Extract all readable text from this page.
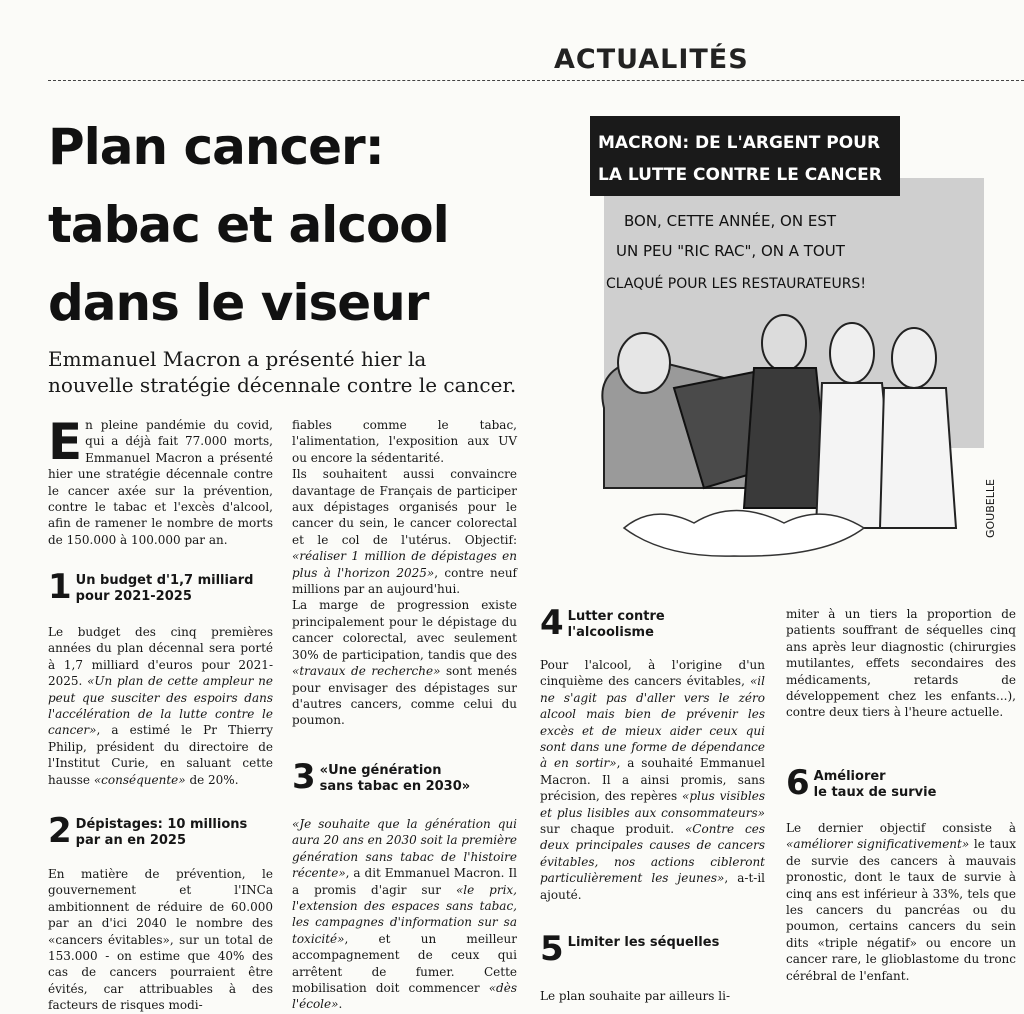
ACTUALITÉS
Plan cancer:
tabac et alcool
dans le viseur

Emmanuel Macron a présenté hier la
nouvelle stratégie décennale contre le cancer.

MACRON: DE L'ARGENT POUR
LA LUTTE CONTRE LE CANCER
BON, CETTE ANNÉE, ON EST
UN PEU "RIC RAC", ON A TOUT
CLAQUÉ POUR LES RESTAURATEURS!
GOUBELLE

En pleine pandémie du covid, qui a déjà fait 77.000 morts, Emmanuel Macron a présenté hier une stratégie décennale contre le cancer axée sur la prévention, contre le tabac et l'excès d'alcool, afin de ramener le nombre de morts de 150.000 à 100.000 par an.

1 Un budget d'1,7 milliard
pour 2021-2025

Le budget des cinq premières années du plan décennal sera porté à 1,7 milliard d'euros pour 2021-2025. «Un plan de cette ampleur ne peut que susciter des espoirs dans l'accélération de la lutte contre le cancer», a estimé le Pr Thierry Philip, président du directoire de l'Institut Curie, en saluant cette hausse «conséquente» de 20%.

2 Dépistages: 10 millions
par an en 2025

En matière de prévention, le gouvernement et l'INCa ambitionnent de réduire de 60.000 par an d'ici 2040 le nombre des «cancers évitables», sur un total de 153.000 - on estime que 40% des cas de cancers pourraient être évités, car attribuables à des facteurs de risques modi-

fiables comme le tabac, l'alimentation, l'exposition aux UV ou encore la sédentarité.

Ils souhaitent aussi convaincre davantage de Français de participer aux dépistages organisés pour le cancer du sein, le cancer colorectal et le col de l'utérus. Objectif: «réaliser 1 million de dépistages en plus à l'horizon 2025», contre neuf millions par an aujourd'hui.

La marge de progression existe principalement pour le dépistage du cancer colorectal, avec seulement 30% de participation, tandis que des «travaux de recherche» sont menés pour envisager des dépistages sur d'autres cancers, comme celui du poumon.

3 «Une génération
sans tabac en 2030»

«Je souhaite que la génération qui aura 20 ans en 2030 soit la première génération sans tabac de l'histoire récente», a dit Emmanuel Macron. Il a promis d'agir sur «le prix, l'extension des espaces sans tabac, les campagnes d'information sur sa toxicité», et un meilleur accompagnement de ceux qui arrêtent de fumer. Cette mobilisation doit commencer «dès l'école».

4 Lutter contre
l'alcoolisme

Pour l'alcool, à l'origine d'un cinquième des cancers évitables, «il ne s'agit pas d'aller vers le zéro alcool mais bien de prévenir les excès et de mieux aider ceux qui sont dans une forme de dépendance à en sortir», a souhaité Emmanuel Macron. Il a ainsi promis, sans précision, des repères «plus visibles et plus lisibles aux consommateurs» sur chaque produit. «Contre ces deux principales causes de cancers évitables, nos actions cibleront particulièrement les jeunes», a-t-il ajouté.

5 Limiter les séquelles

Le plan souhaite par ailleurs li-

miter à un tiers la proportion de patients souffrant de séquelles cinq ans après leur diagnostic (chirurgies mutilantes, effets secondaires des médicaments, retards de développement chez les enfants...), contre deux tiers à l'heure actuelle.

6 Améliorer
le taux de survie

Le dernier objectif consiste à «améliorer significativement» le taux de survie des cancers à mauvais pronostic, dont le taux de survie à cinq ans est inférieur à 33%, tels que les cancers du pancréas ou du poumon, certains cancers du sein dits «triple négatif» ou encore un cancer rare, le glioblastome du tronc cérébral de l'enfant.
